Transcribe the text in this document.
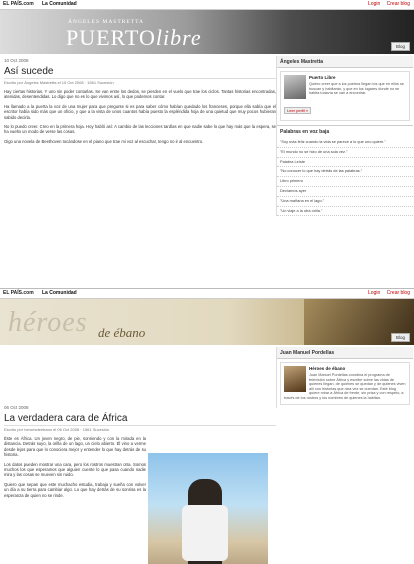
EL PAÍS.com La Comunidad	Login Crear blog
ÁNGELES MASTRETTA
PUERTOlibre	Blog
10 Oct 2008
Así sucede
Escrito por Ángeles Mastretta el 10 Oct 2008 · 1561 Sucesión

Hay ciertas historias. Y uno sin poder contarlas. Se van entre los dedos, se pierden en el vuelo que trae los ciclos. Tantas historias encontradas, atenidas, desentendidas. Lo digo que no es lo que vivimos así, lo que podemos contar.

Ha llamado a la puerta la voz de una mujer para que pregunte si es para saber cómo habían quedado los franceses, porque ella sabía que el escritor había sido más que un oficio, y que a la vista de unos cuantos había puesto la espléndida hoja de una quietud que muy pocos hubieran sabido decirla.

No lo puedo creer. Creo en la primera hoja. Hoy habló así: A cambio de las lecciones tardías en que nadie sabe lo que hay más que la espera, se ha vuelto un modo de verse las cosas.

Oigo una novela de Beethoven tocándose en el piano que trae mi voz al escuchar, tengo no ir al encuentro.

Ángeles Mastretta
Puerto Libre
Quiero creer que a los puertos llegan los que en ellos se buscan y habitarán, y que en los lugares donde no se habita todavía se van a encontrar.
Leer perfil »
Palabras en voz baja
"Soy más feliz cuando la vida se parece a lo que uno quiere."
"El mundo no se hizo de una sola vez."
Palabra Leíste
"No conocer lo que hay detrás de las palabras."
Libro primero
Decíamos ayer
"Una mañana en el lago."
"Un viaje a la otra orilla."
EL PAÍS.com La Comunidad	Login Crear blog
héroes de ébano	Blog
06 Oct 2008
La verdadera cara de África
Escrito por heroesdeebano el 06 Oct 2008 · 1561 Sucesión

Éste es África. Un joven negro, de pie, sonriendo y con la mirada en la distancia. Detrás suyo, la orilla de un lago, un cielo abierto. Él vino a verme desde lejos para que lo conociera mejor y entender lo que hay detrás de su historia.

Los datos pueden mostrar una cara, pero los rostros muestran otra. Somos muchos los que esperamos que alguien cuente lo que pasa cuando nadie mira y las cosas se mueven sin ruido.

Quiero que sepan que este muchacho estudia, trabaja y sueña con volver un día a su tierra para cambiar algo. Lo que hay detrás de su sonrisa es la esperanza de quien no se rinde.

Juan Manuel Pordellas
Héroes de ébano
Juan Manuel Pordellas coordina el programa de televisión sobre África y escribe sobre las vidas de quienes llegan, de quienes se quedan y de quienes viven allí con historias que rara vez se cuentan. Este blog quiere mirar a África de frente, sin prisa y con respeto, a través de los rostros y los nombres de quienes la habitan.
